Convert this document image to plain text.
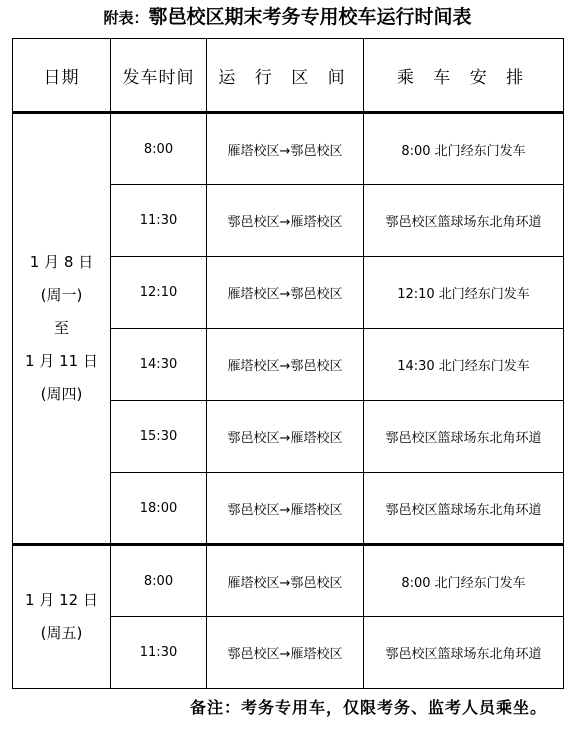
附表：鄠邑校区期末考务专用校车运行时间表
日期	发车时间	运 行 区 间	乘 车 安 排

1 月 8 日
(周一)
至
1 月 11 日
(周四)	8:00	雁塔校区→鄠邑校区	8:00 北门经东门发车
	11:30	鄠邑校区→雁塔校区	鄠邑校区篮球场东北角环道
	12:10	雁塔校区→鄠邑校区	12:10 北门经东门发车
	14:30	雁塔校区→鄠邑校区	14:30 北门经东门发车
	15:30	鄠邑校区→雁塔校区	鄠邑校区篮球场东北角环道
	18:00	鄠邑校区→雁塔校区	鄠邑校区篮球场东北角环道

1 月 12 日
(周五)	8:00	雁塔校区→鄠邑校区	8:00 北门经东门发车
	11:30	鄠邑校区→雁塔校区	鄠邑校区篮球场东北角环道
备注：考务专用车，仅限考务、监考人员乘坐。
